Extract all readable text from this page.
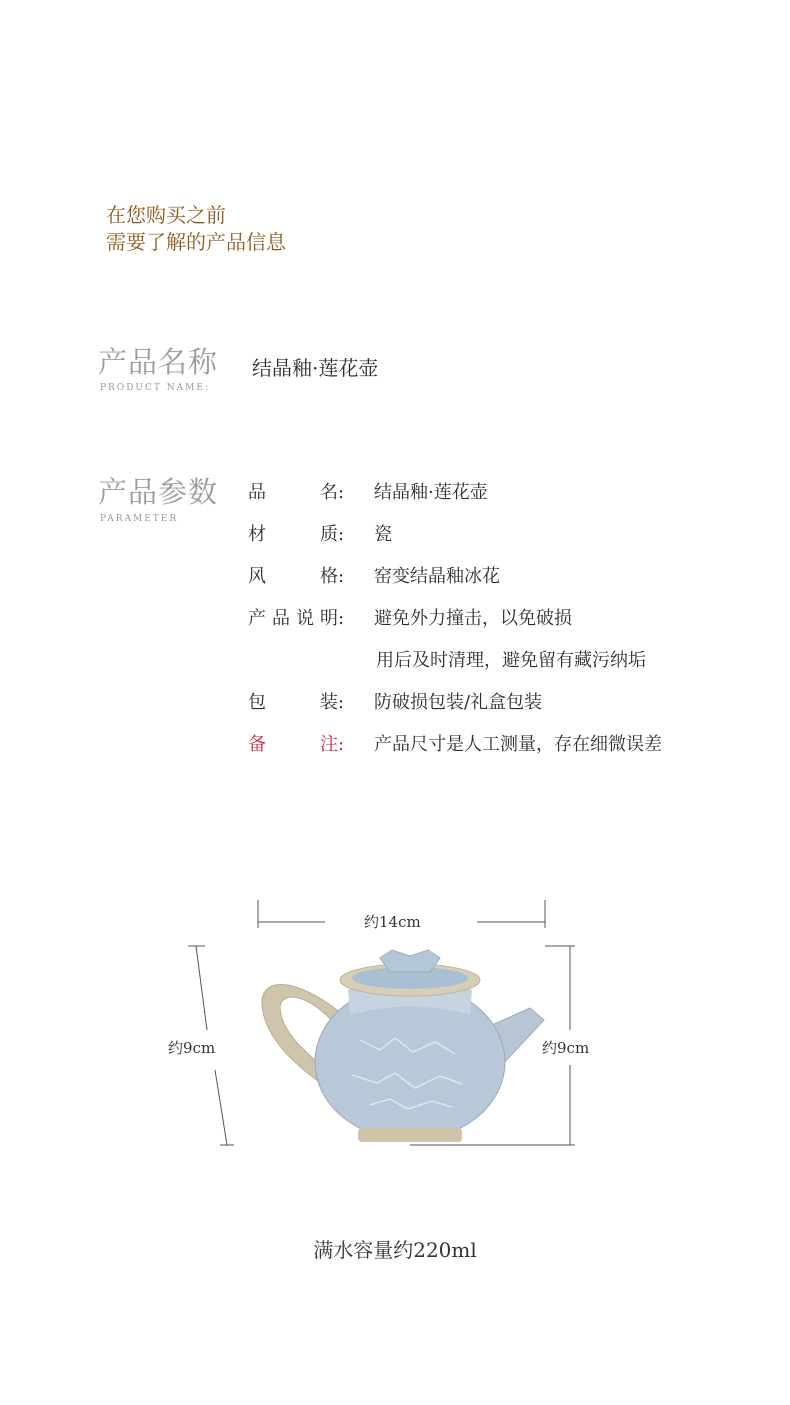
在您购买之前
需要了解的产品信息
产品名称
PRODUCT NAME:
结晶釉·莲花壶
产品参数
PARAMETER
品名: 结晶釉·莲花壶
材质: 瓷
风格: 窑变结晶釉冰花
产品说明: 避免外力撞击，以免破损
用后及时清理，避免留有藏污纳垢
包装: 防破损包装/礼盒包装
备注: 产品尺寸是人工测量，存在细微误差
约14cm
约9cm	约9cm
满水容量约220ml
